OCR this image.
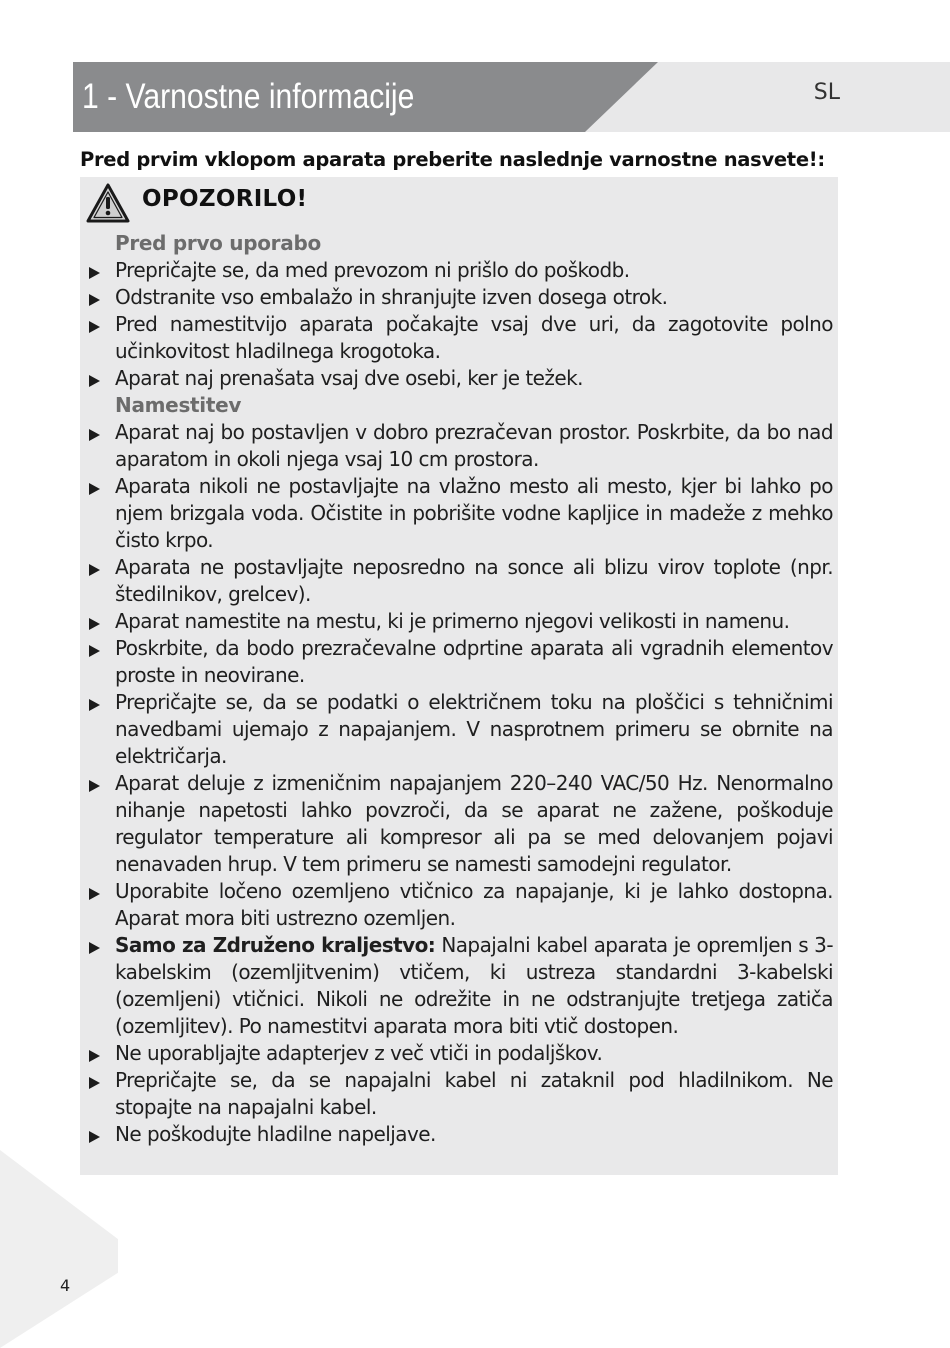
1 - Varnostne informacije	SL
Pred prvim vklopom aparata preberite naslednje varnostne nasvete!:
OPOZORILO!
Pred prvo uporabo
Prepričajte se, da med prevozom ni prišlo do poškodb.
Odstranite vso embalažo in shranjujte izven dosega otrok.
Pred namestitvijo aparata počakajte vsaj dve uri, da zagotovite polno učinkovitost hladilnega krogotoka.
Aparat naj prenašata vsaj dve osebi, ker je težek.
Namestitev
Aparat naj bo postavljen v dobro prezračevan prostor. Poskrbite, da bo nad aparatom in okoli njega vsaj 10 cm prostora.
Aparata nikoli ne postavljajte na vlažno mesto ali mesto, kjer bi lahko po njem brizgala voda. Očistite in pobrišite vodne kapljice in madeže z mehko čisto krpo.
Aparata ne postavljajte neposredno na sonce ali blizu virov toplote (npr. štedilnikov, grelcev).
Aparat namestite na mestu, ki je primerno njegovi velikosti in namenu.
Poskrbite, da bodo prezračevalne odprtine aparata ali vgradnih elementov proste in neovirane.
Prepričajte se, da se podatki o električnem toku na ploščici s tehničnimi navedbami ujemajo z napajanjem. V nasprotnem primeru se obrnite na električarja.
Aparat deluje z izmeničnim napajanjem 220–240 VAC/50 Hz. Nenormalno nihanje napetosti lahko povzroči, da se aparat ne zažene, poškoduje regulator temperature ali kompresor ali pa se med delovanjem pojavi nenavaden hrup. V tem primeru se namesti samodejni regulator.
Uporabite ločeno ozemljeno vtičnico za napajanje, ki je lahko dostopna. Aparat mora biti ustrezno ozemljen.
Samo za Združeno kraljestvo: Napajalni kabel aparata je opremljen s 3-kabelskim (ozemljitvenim) vtičem, ki ustreza standardni 3-kabelski (ozemljeni) vtičnici. Nikoli ne odrežite in ne odstranjujte tretjega zatiča (ozemljitev). Po namestitvi aparata mora biti vtič dostopen.
Ne uporabljajte adapterjev z več vtiči in podaljškov.
Prepričajte se, da se napajalni kabel ni zataknil pod hladilnikom. Ne stopajte na napajalni kabel.
Ne poškodujte hladilne napeljave.
4
